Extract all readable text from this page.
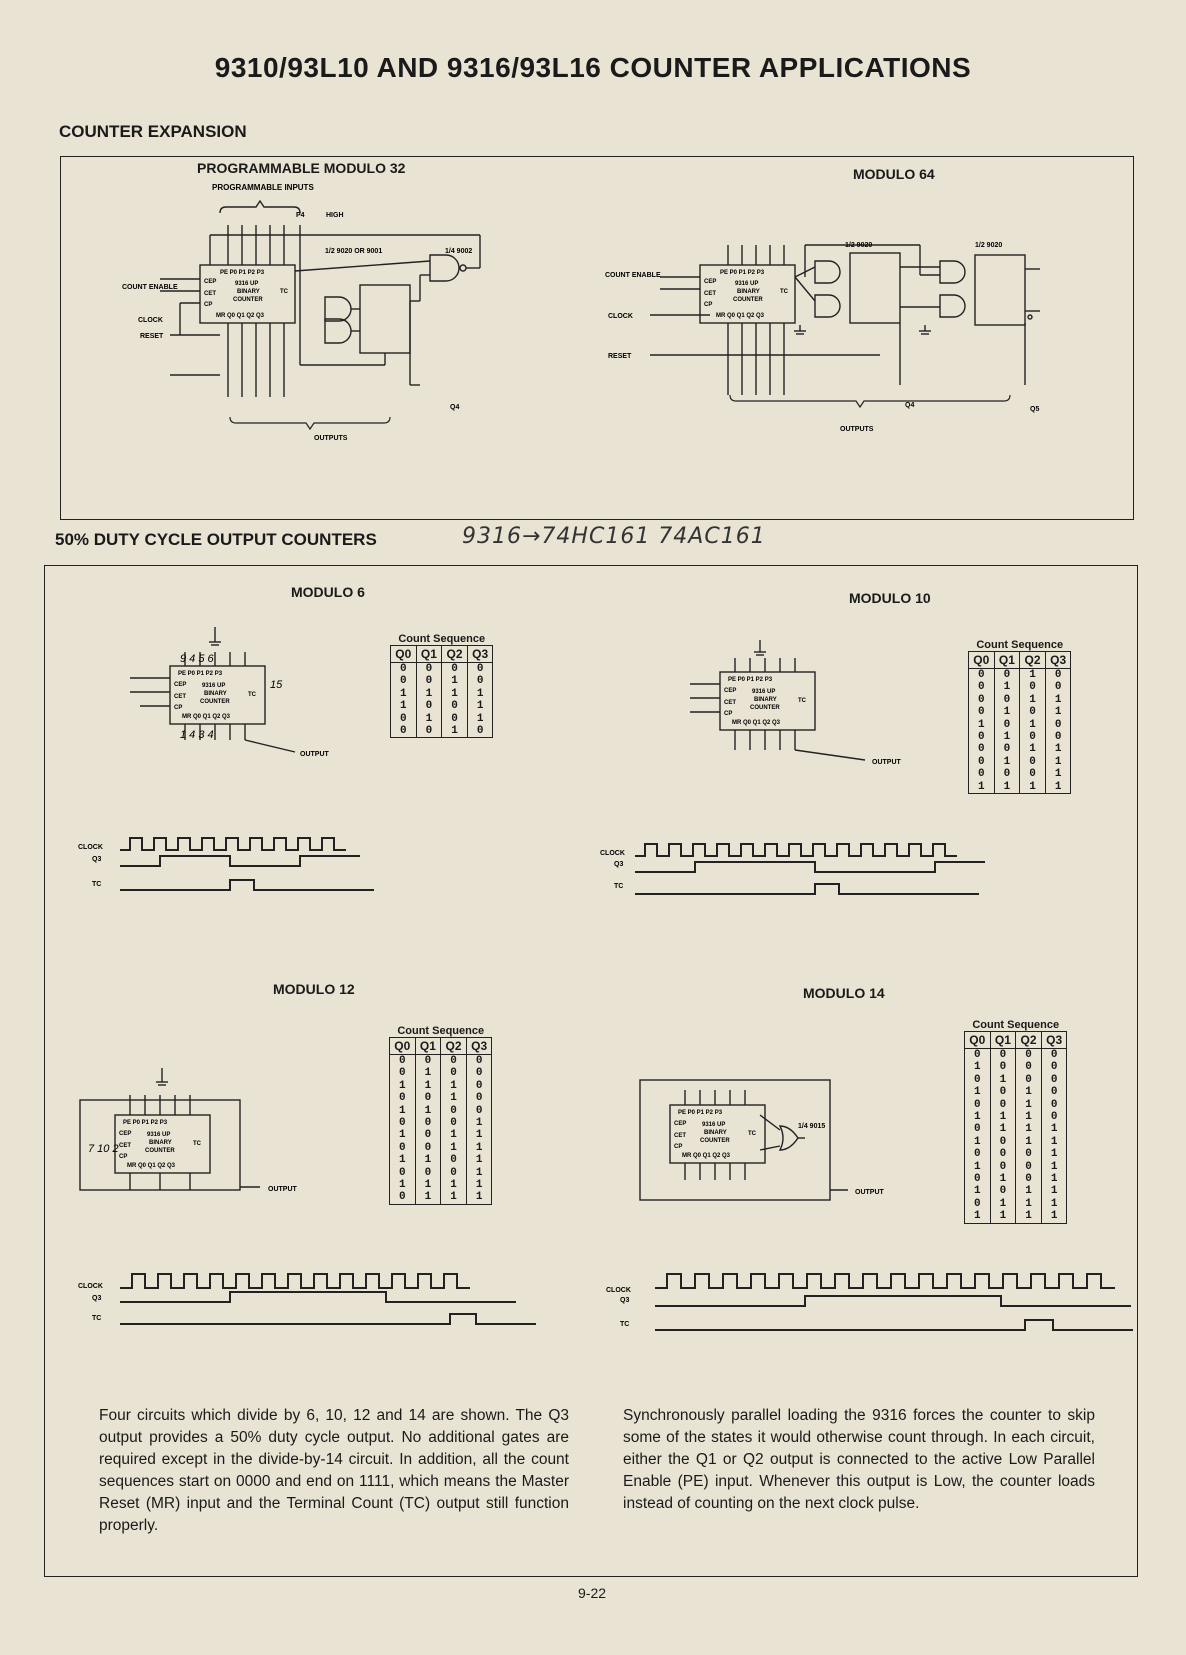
9310/93L10 AND 9316/93L16 COUNTER APPLICATIONS
COUNTER EXPANSION
PROGRAMMABLE MODULO 32	MODULO 64
PROGRAMMABLE INPUTS
P4	HIGH
1/2 9020 OR 9001	1/4 9002
COUNT ENABLE
RESET
CLOCK
Q4
OUTPUTS
PE P0 P1 P2 P3
CEP
CET
CP
9316 UP
BINARY
COUNTER
TC
MR Q0 Q1 Q2 Q3
1/2 9020	1/2 9020
COUNT ENABLE
CLOCK
RESET
Q4
Q5
OUTPUTS
PE P0 P1 P2 P3
CEP
CET
CP
9316 UP
BINARY
COUNTER
TC
MR Q0 Q1 Q2 Q3
50% DUTY CYCLE OUTPUT COUNTERS	9316→74HC161 74AC161
MODULO 6	MODULO 10
MODULO 12	MODULO 14
Count Sequence
Q0	Q1	Q2	Q3
0	0	0	0
0	0	1	0
1	1	1	1
1	0	0	1
0	1	0	1
0	0	1	0
Count Sequence
Q0	Q1	Q2	Q3
0	0	1	0
0	1	0	0
0	0	1	1
0	1	0	1
1	0	1	0
0	1	0	0
0	0	1	1
0	1	0	1
0	0	0	1
1	1	1	1
Count Sequence
Q0	Q1	Q2	Q3
0	0	0	0
0	1	0	0
1	1	1	0
0	0	1	0
1	1	0	0
0	0	0	1
1	0	1	1
0	0	1	1
1	1	0	1
0	0	0	1
1	1	1	1
0	1	1	1
Count Sequence
Q0	Q1	Q2	Q3
0	0	0	0
1	0	0	0
0	1	0	0
1	0	1	0
0	0	1	0
1	1	1	0
0	1	1	1
1	0	1	1
0	0	0	1
1	0	0	1
0	1	0	1
1	0	1	1
0	1	1	1
1	1	1	1
OUTPUT
PE P0 P1 P2 P3
CEP
CET
CP
9316 UP
BINARY
COUNTER
TC
MR Q0 Q1 Q2 Q3
9 4 5 6
15
1 4 3 4
OUTPUT
PE P0 P1 P2 P3
CEP
CET
CP
9316 UP
BINARY
COUNTER
TC
MR Q0 Q1 Q2 Q3
OUTPUT
PE P0 P1 P2 P3
CEP
CET
CP
9316 UP
BINARY
COUNTER
TC
MR Q0 Q1 Q2 Q3
7 10 2
1/4 9015
OUTPUT
PE P0 P1 P2 P3
CEP
CET
CP
9316 UP
BINARY
COUNTER
TC
MR Q0 Q1 Q2 Q3
CLOCK
Q3
TC
CLOCK
Q3
TC
CLOCK
Q3
TC
CLOCK
Q3
TC
Four circuits which divide by 6, 10, 12 and 14 are shown. The Q3 output provides a 50% duty cycle output. No additional gates are required except in the divide-by-14 circuit. In addition, all the count sequences start on 0000 and end on 1111, which means the Master Reset (MR) input and the Terminal Count (TC) output still function properly.
Synchronously parallel loading the 9316 forces the counter to skip some of the states it would otherwise count through. In each circuit, either the Q1 or Q2 output is connected to the active Low Parallel Enable (PE) input. Whenever this output is Low, the counter loads instead of counting on the next clock pulse.
9-22
